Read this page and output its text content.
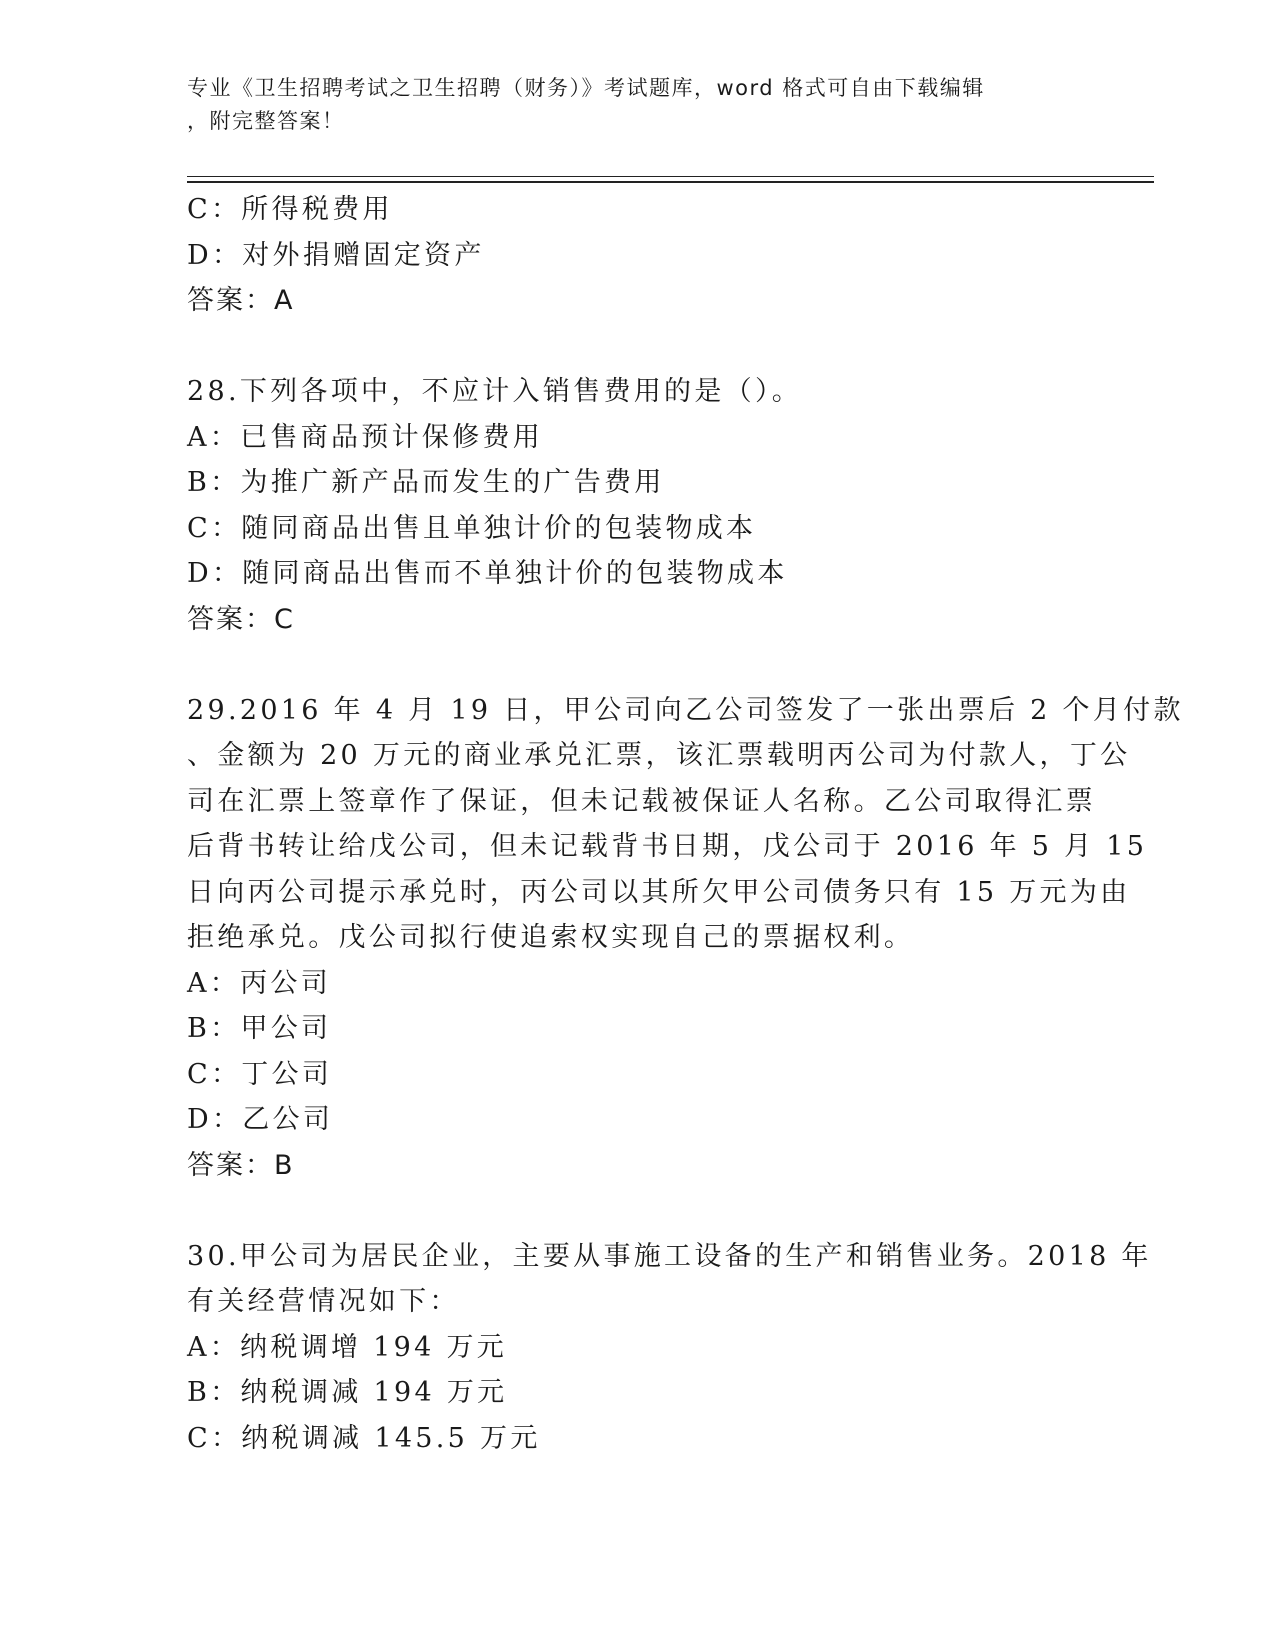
专业《卫生招聘考试之卫生招聘（财务）》考试题库，word 格式可自由下载编辑
，附完整答案！
C：所得税费用
D：对外捐赠固定资产
答案：A
28.下列各项中，不应计入销售费用的是（）。
A：已售商品预计保修费用
B：为推广新产品而发生的广告费用
C：随同商品出售且单独计价的包装物成本
D：随同商品出售而不单独计价的包装物成本
答案：C
29.2016 年 4 月 19 日，甲公司向乙公司签发了一张出票后 2 个月付款
、金额为 20 万元的商业承兑汇票，该汇票载明丙公司为付款人，丁公
司在汇票上签章作了保证，但未记载被保证人名称。乙公司取得汇票
后背书转让给戊公司，但未记载背书日期，戊公司于 2016 年 5 月 15
日向丙公司提示承兑时，丙公司以其所欠甲公司债务只有 15 万元为由
拒绝承兑。戊公司拟行使追索权实现自己的票据权利。
A：丙公司
B：甲公司
C：丁公司
D：乙公司
答案：B
30.甲公司为居民企业，主要从事施工设备的生产和销售业务。2018 年
有关经营情况如下：
A：纳税调增 194 万元
B：纳税调减 194 万元
C：纳税调减 145.5 万元
